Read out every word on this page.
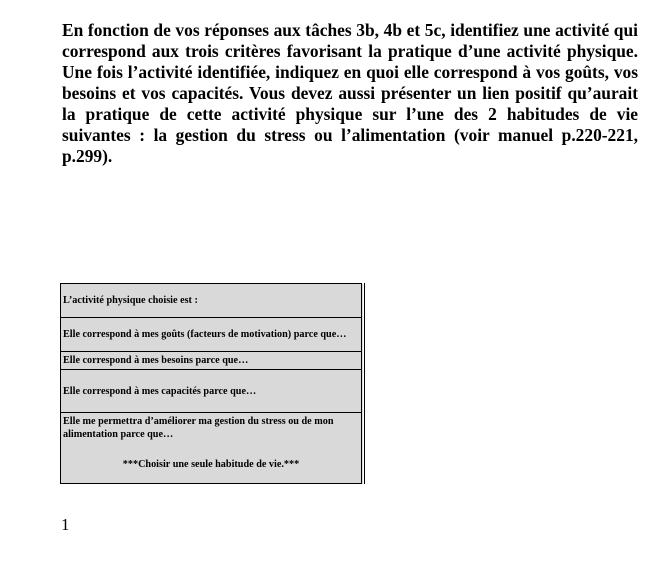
En fonction de vos réponses aux tâches 3b, 4b et 5c, identifiez une activité qui correspond aux trois critères favorisant la pratique d’une activité physique. Une fois l’activité identifiée, indiquez en quoi elle correspond à vos goûts, vos besoins et vos capacités. Vous devez aussi présenter un lien positif qu’aurait la pratique de cette activité physique sur l’une des 2 habitudes de vie suivantes : la gestion du stress ou l’alimentation (voir manuel p.220-221, p.299).

L’activité physique choisie est :
Elle correspond à mes goûts (facteurs de motivation) parce que…
Elle correspond à mes besoins parce que…
Elle correspond à mes capacités parce que…
Elle me permettra d’améliorer ma gestion du stress ou de mon alimentation parce que…
***Choisir une seule habitude de vie.***

1
